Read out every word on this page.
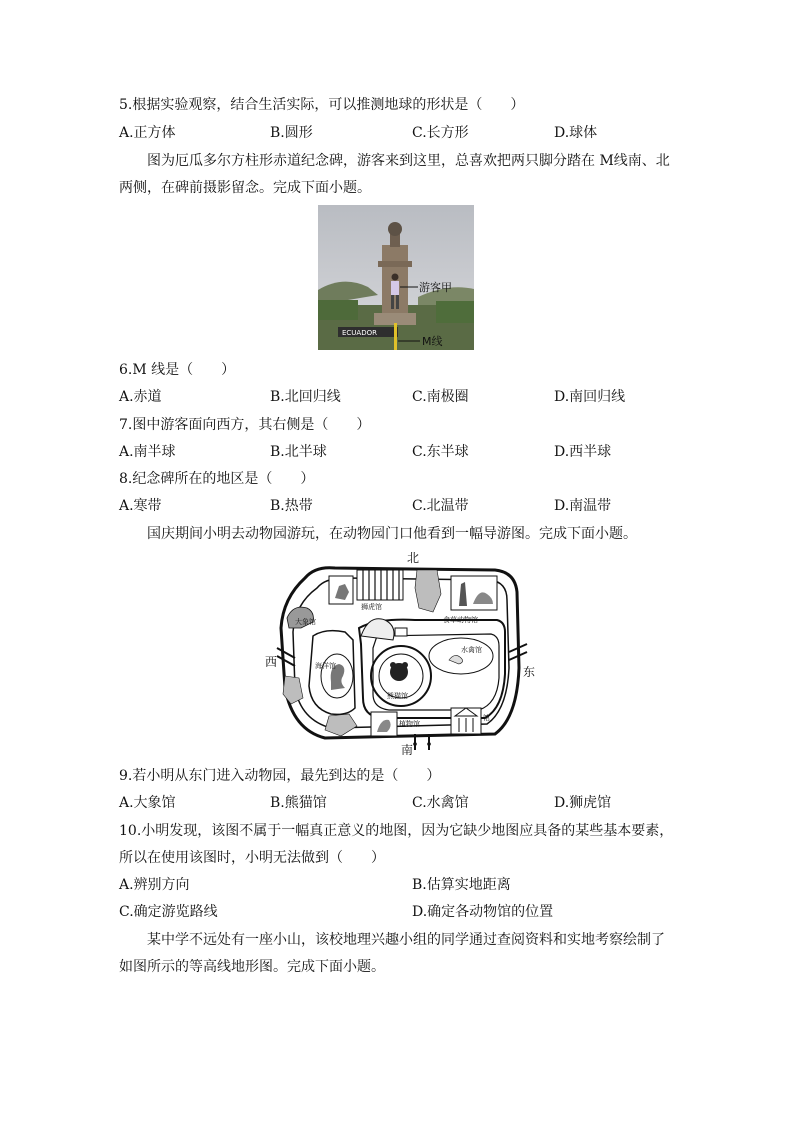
5.根据实验观察，结合生活实际，可以推测地球的形状是（　　）
A.正方体	B.圆形	C.长方形	D.球体
图为厄瓜多尔方柱形赤道纪念碑，游客来到这里，总喜欢把两只脚分踏在 M线南、北
两侧，在碑前摄影留念。完成下面小题。
ECUADOR
游客甲
M线
6.M 线是（　　）
A.赤道	B.北回归线	C.南极圈	D.南回归线
7.图中游客面向西方，其右侧是（　　）
A.南半球	B.北半球	C.东半球	D.西半球
8.纪念碑所在的地区是（　　）
A.寒带	B.热带	C.北温带	D.南温带
国庆期间小明去动物园游玩，在动物园门口他看到一幅导游图。完成下面小题。
北
南
西
东
狮虎馆
食草动物馆
大象馆
水禽馆
熊猫馆
海洋馆
植物馆
馆
9.若小明从东门进入动物园，最先到达的是（　　）
A.大象馆	B.熊猫馆	C.水禽馆	D.狮虎馆
10.小明发现，该图不属于一幅真正意义的地图，因为它缺少地图应具备的某些基本要素，
所以在使用该图时，小明无法做到（　　）
A.辨别方向	B.估算实地距离
C.确定游览路线	D.确定各动物馆的位置
某中学不远处有一座小山，该校地理兴趣小组的同学通过查阅资料和实地考察绘制了
如图所示的等高线地形图。完成下面小题。
